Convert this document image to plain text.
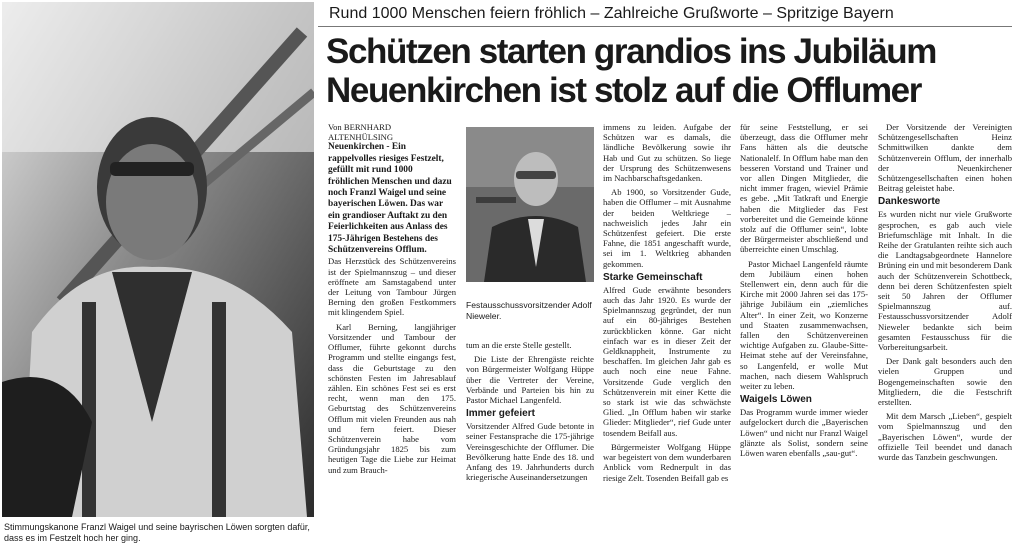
Stimmungskanone Franzl Waigel und seine bayrischen Löwen sorgten dafür, dass es im Festzelt hoch her ging.
Rund 1000 Menschen feiern fröhlich – Zahlreiche Grußworte – Spritzige Bayern
Schützen starten grandios ins Jubiläum
Neuenkirchen ist stolz auf die Offlumer
Von BERNHARD
ALTENHÜLSING

Neuenkirchen - Ein rappelvolles riesiges Festzelt, gefüllt mit rund 1000 fröhlichen Menschen und dazu noch Franzl Waigel und seine bayerischen Löwen. Das war ein grandioser Auftakt zu den Feierlichkeiten aus Anlass des 175-Jährigen Bestehens des Schützenvereins Offlum.

Das Herzstück des Schützenvereins ist der Spielmannszug – und dieser eröffnete am Samstagabend unter der Leitung von Tambour Jürgen Berning den großen Festkommers mit klingendem Spiel.

Karl Berning, langjähriger Vorsitzender und Tambour der Offlumer, führte gekonnt durchs Programm und stellte eingangs fest, dass die Geburtstage zu den schönsten Festen im Jahresablauf zählen. Ein schönes Fest sei es erst recht, wenn man den 175. Geburtstag des Schützenvereins Offlum mit vielen Freunden aus nah und fern feiert. Dieser Schützenverein habe vom Gründungsjahr 1825 bis zum heutigen Tage die Liebe zur Heimat und zum Brauch-

Festausschussvorsitzender Adolf Nieweler.

tum an die erste Stelle gestellt.

Die Liste der Ehrengäste reichte von Bürgermeister Wolfgang Hüppe über die Vertreter der Vereine, Verbände und Parteien bis hin zu Pastor Michael Langenfeld.

Immer gefeiert

Vorsitzender Alfred Gude betonte in seiner Festansprache die 175-jährige Vereinsgeschichte der Offlumer. Die Bevölkerung hatte Ende des 18. und Anfang des 19. Jahrhunderts durch kriegerische Auseinandersetzungen

immens zu leiden. Aufgabe der Schützen war es damals, die ländliche Bevölkerung sowie ihr Hab und Gut zu schützen. So liege der Ursprung des Schützenwesens im Nachbarschaftsgedanken.

Ab 1900, so Vorsitzender Gude, haben die Offlumer – mit Ausnahme der beiden Weltkriege – nachweislich jedes Jahr ein Schützenfest gefeiert. Die erste Fahne, die 1851 angeschafft wurde, sei im 1. Weltkrieg abhanden gekommen.

Starke Gemeinschaft

Alfred Gude erwähnte besonders auch das Jahr 1920. Es wurde der Spielmannszug gegründet, der nun auf ein 80-jähriges Bestehen zurückblicken könne. Gar nicht einfach war es in dieser Zeit der Geldknappheit, Instrumente zu beschaffen. Im gleichen Jahr gab es auch noch eine neue Fahne. Vorsitzende Gude verglich den Schützenverein mit einer Kette die so stark ist wie das schwächste Glied. „In Offlum haben wir starke Glieder: Mitglieder“, rief Gude unter tosendem Beifall aus.

Bürgermeister Wolfgang Hüppe war begeistert von dem wunderbaren Anblick vom Rednerpult in das riesige Zelt. Tosenden Beifall gab es

für seine Feststellung, er sei überzeugt, dass die Offlumer mehr Fans hätten als die deutsche Nationalelf. In Offlum habe man den besseren Vorstand und Trainer und vor allen Dingen Mitglieder, die nicht immer fragen, wieviel Prämie es gebe. „Mit Tatkraft und Energie haben die Mitglieder das Fest vorbereitet und die Gemeinde könne stolz auf die Offlumer sein“, lobte der Bürgermeister abschließend und überreichte einen Umschlag.

Pastor Michael Langenfeld räumte dem Jubiläum einen hohen Stellenwert ein, denn auch für die Kirche mit 2000 Jahren sei das 175-jährige Jubiläum ein „ziemliches Alter“. In einer Zeit, wo Konzerne und Staaten zusammenwachsen, fallen den Schützenvereinen wichtige Aufgaben zu. Glaube-Sitte-Heimat stehe auf der Vereinsfahne, so Langenfeld, er wolle Mut machen, nach diesem Wahlspruch weiter zu leben.

Waigels Löwen

Das Programm wurde immer wieder aufgelockert durch die „Bayerischen Löwen“ und nicht nur Franzl Waigel glänzte als Solist, sondern seine Löwen waren ebenfalls „sau-gut“.

Der Vorsitzende der Vereinigten Schützengesellschaften Heinz Schmittwilken dankte dem Schützenverein Offlum, der innerhalb der Neuenkirchener Schützengesellschaften einen hohen Beitrag geleistet habe.

Dankesworte

Es wurden nicht nur viele Grußworte gesprochen, es gab auch viele Briefumschläge mit Inhalt. In die Reihe der Gratulanten reihte sich auch die Landtagsabgeordnete Hannelore Brüning ein und mit besonderem Dank auch der Schützenverein Schottbeck, denn bei deren Schützenfesten spielt seit 50 Jahren der Offlumer Spielmannszug auf. Festausschussvorsitzender Adolf Nieweler bedankte sich beim gesamten Festausschuss für die Vorbereitungsarbeit.

Der Dank galt besonders auch den vielen Gruppen und Bogengemeinschaften sowie den Mitgliedern, die die Festschrift erstellten.

Mit dem Marsch „Lieben“, gespielt vom Spielmannszug und den „Bayerischen Löwen“, wurde der offizielle Teil beendet und danach wurde das Tanzbein geschwungen.
